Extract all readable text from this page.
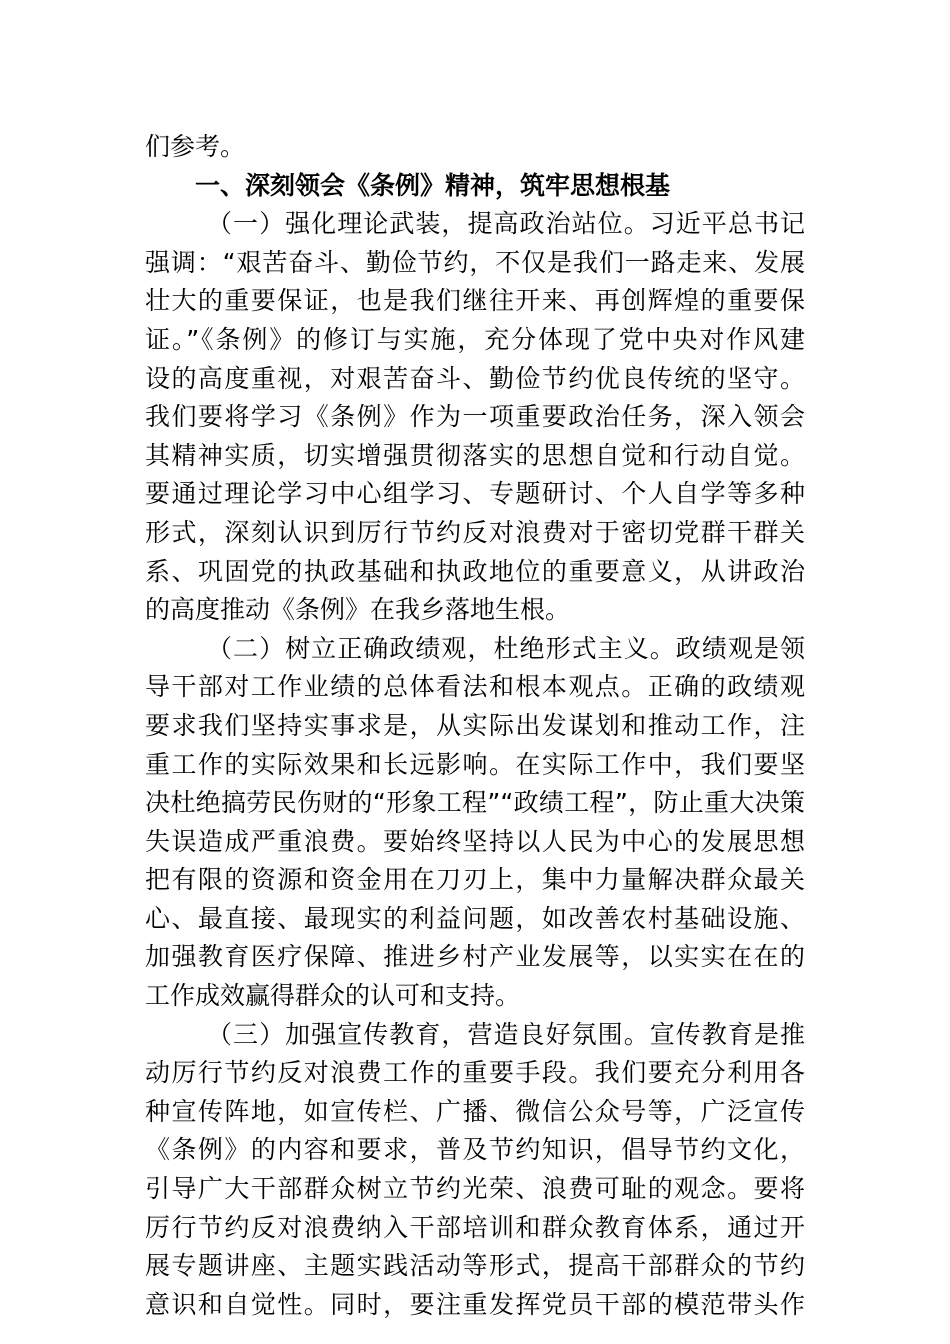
们参考。
一、深刻领会《条例》精神，筑牢思想根基
（一）强化理论武装，提高政治站位。习近平总书记
强调：“艰苦奋斗、勤俭节约，不仅是我们一路走来、发展
壮大的重要保证，也是我们继往开来、再创辉煌的重要保
证。”《条例》的修订与实施，充分体现了党中央对作风建
设的高度重视，对艰苦奋斗、勤俭节约优良传统的坚守。
我们要将学习《条例》作为一项重要政治任务，深入领会
其精神实质，切实增强贯彻落实的思想自觉和行动自觉。
要通过理论学习中心组学习、专题研讨、个人自学等多种
形式，深刻认识到厉行节约反对浪费对于密切党群干群关
系、巩固党的执政基础和执政地位的重要意义，从讲政治
的高度推动《条例》在我乡落地生根。
（二）树立正确政绩观，杜绝形式主义。政绩观是领
导干部对工作业绩的总体看法和根本观点。正确的政绩观
要求我们坚持实事求是，从实际出发谋划和推动工作，注
重工作的实际效果和长远影响。在实际工作中，我们要坚
决杜绝搞劳民伤财的“形象工程”“政绩工程”，防止重大决策
失误造成严重浪费。要始终坚持以人民为中心的发展思想
把有限的资源和资金用在刀刃上，集中力量解决群众最关
心、最直接、最现实的利益问题，如改善农村基础设施、
加强教育医疗保障、推进乡村产业发展等，以实实在在的
工作成效赢得群众的认可和支持。
（三）加强宣传教育，营造良好氛围。宣传教育是推
动厉行节约反对浪费工作的重要手段。我们要充分利用各
种宣传阵地，如宣传栏、广播、微信公众号等，广泛宣传
《条例》的内容和要求，普及节约知识，倡导节约文化，
引导广大干部群众树立节约光荣、浪费可耻的观念。要将
厉行节约反对浪费纳入干部培训和群众教育体系，通过开
展专题讲座、主题实践活动等形式，提高干部群众的节约
意识和自觉性。同时，要注重发挥党员干部的模范带头作
